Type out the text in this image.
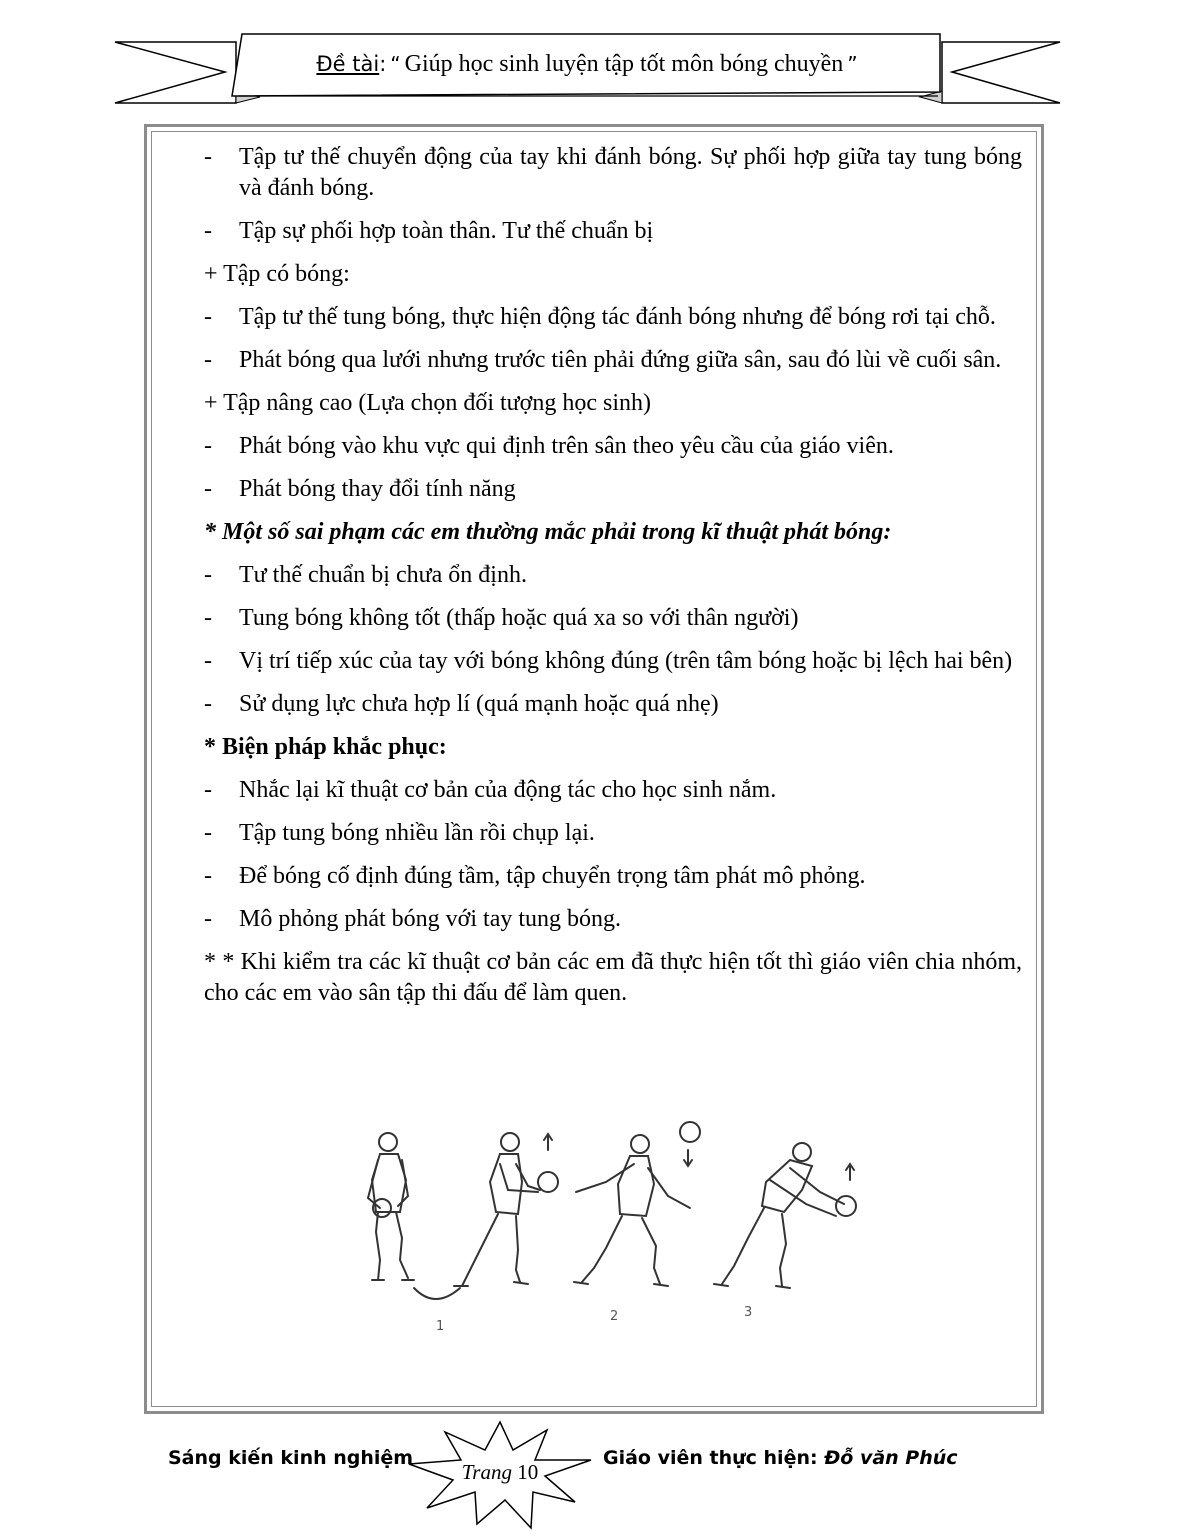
Đề tài: “ Giúp học sinh luyện tập tốt môn bóng chuyền ”
- Tập tư thế chuyển động của tay khi đánh bóng. Sự phối hợp giữa tay tung bóng và đánh bóng.
- Tập sự phối hợp toàn thân. Tư thế chuẩn bị
+ Tập có bóng:
- Tập tư thế tung bóng, thực hiện động tác đánh bóng nhưng để bóng rơi tại chỗ.
- Phát bóng qua lưới nhưng trước tiên phải đứng giữa sân, sau đó lùi về cuối sân.
+ Tập nâng cao (Lựa chọn đối tượng học sinh)
- Phát bóng vào khu vực qui định trên sân theo yêu cầu của giáo viên.
- Phát bóng thay đổi tính năng
* Một số sai phạm các em thường mắc phải trong kĩ thuật phát bóng:
- Tư thế chuẩn bị chưa ổn định.
- Tung bóng không tốt (thấp hoặc quá xa so với thân người)
- Vị trí tiếp xúc của tay với bóng không đúng (trên tâm bóng hoặc bị lệch hai bên)
- Sử dụng lực chưa hợp lí (quá mạnh hoặc quá nhẹ)
* Biện pháp khắc phục:
- Nhắc lại kĩ thuật cơ bản của động tác cho học sinh nắm.
- Tập tung bóng nhiều lần rồi chụp lại.
- Để bóng cố định đúng tầm, tập chuyển trọng tâm phát mô phỏng.
- Mô phỏng phát bóng với tay tung bóng.
* * Khi kiểm tra các kĩ thuật cơ bản các em đã thực hiện tốt thì giáo viên chia nhóm, cho các em vào sân tập thi đấu để làm quen.
1
2	3
Sáng kiến kinh nghiệm
Trang 10
Giáo viên thực hiện: Đỗ văn Phúc
